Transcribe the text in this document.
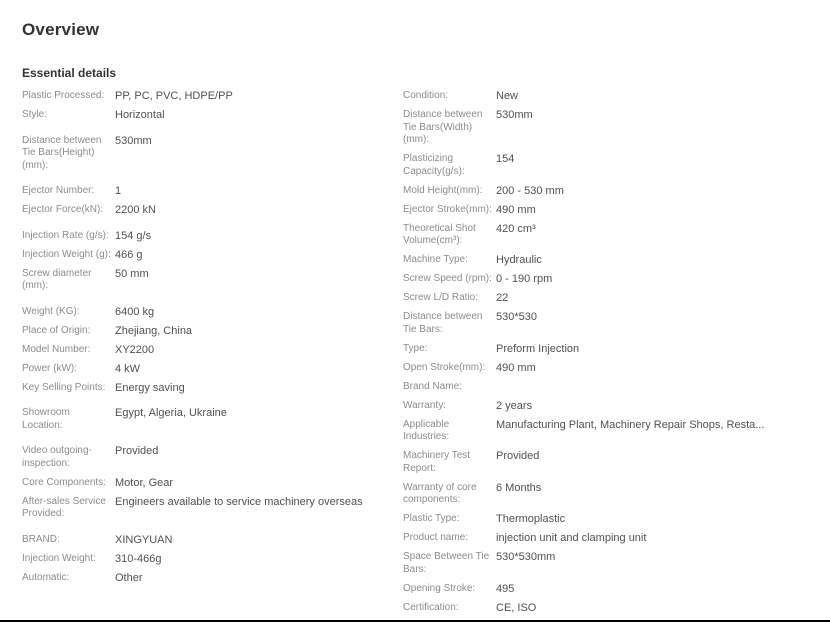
Overview
Essential details
Plastic Processed: PP, PC, PVC, HDPE/PP
Style:	Horizontal
Distance between Tie Bars(Height) (mm):
530mm
Ejector Number:	1
Ejector Force(kN):	2200 kN
Injection Rate (g/s): 154 g/s
Injection Weight (g): 466 g
Screw diameter (mm):
50 mm
Weight (KG):	6400 kg
Place of Origin:	Zhejiang, China
Model Number:	XY2200
Power (kW):	4 kW
Key Selling Points: Energy saving
Showroom Location:
Egypt, Algeria, Ukraine
Video outgoing-inspection:
Provided
Core Components: Motor, Gear
After-sales Service Provided:
Engineers available to service machinery overseas
BRAND:	XINGYUAN
Injection Weight:	310-466g
Automatic:	Other
Condition:	New
Distance between Tie Bars(Width) (mm):
530mm
Plasticizing Capacity(g/s):
154
Mold Height(mm):	200 - 530 mm
Ejector Stroke(mm): 490 mm
Theoretical Shot Volume(cm³):
420 cm³
Machine Type:	Hydraulic
Screw Speed (rpm): 0 - 190 rpm
Screw L/D Ratio:	22
Distance between Tie Bars:
530*530
Type:	Preform Injection
Open Stroke(mm): 490 mm
Brand Name:
Warranty:	2 years
Applicable Industries:
Manufacturing Plant, Machinery Repair Shops, Resta...
Machinery Test Report:
Provided
Warranty of core components:
6 Months
Plastic Type:	Thermoplastic
Product name:	injection unit and clamping unit
Space Between Tie Bars:
530*530mm
Opening Stroke:	495
Certification:	CE, ISO
